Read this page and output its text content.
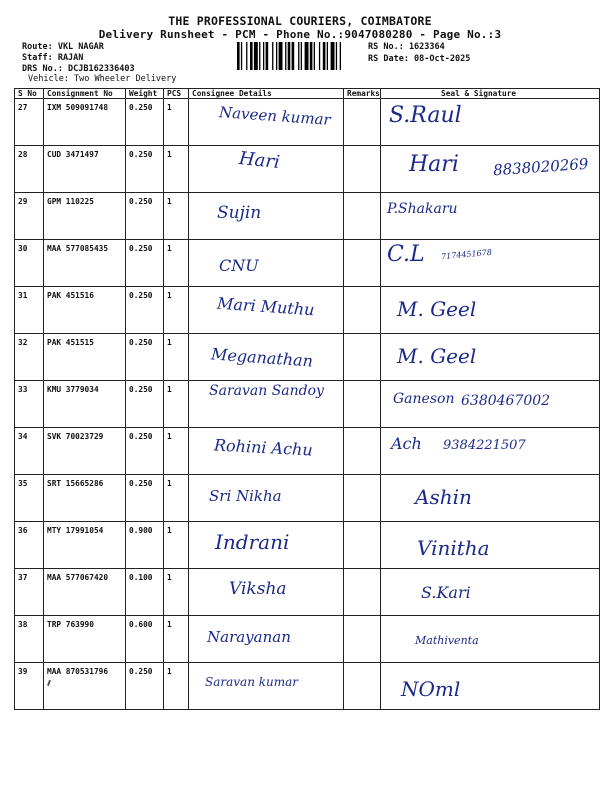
THE PROFESSIONAL COURIERS, COIMBATORE
Delivery Runsheet - PCM - Phone No.:9047080280 - Page No.:3
Route: VKL NAGAR
Staff: RAJAN
DRS No.: DCJB162336403
Vehicle: Two Wheeler Delivery
RS No.: 1623364
RS Date: 08-Oct-2025
S No	Consignment No	Weight	PCS	Consignee Details	Remarks	Seal & Signature
27	IXM 509091748	0.250	1	Naveen kumar		S.Raul

28	CUD 3471497	0.250	1	Hari		Hari 8838020269

29	GPM 110225	0.250	1	Sujin		P.Shakaru

30	MAA 577085435	0.250	1	CNU		C.L 7174451678

31	PAK 451516	0.250	1	Mari Muthu		M. Geel

32	PAK 451515	0.250	1	Meganathan		M. Geel

33	KMU 3779034	0.250	1	Saravan Sandoy		Ganeson 6380467002

34	SVK 70023729	0.250	1	Rohini Achu		Ach 9384221507

35	SRT 15665286	0.250	1	Sri Nikha		Ashin

36	MTY 17991054	0.900	1	Indrani		Vinitha

37	MAA 577067420	0.100	1	Viksha		S.Kari

38	TRP 763990	0.600	1	Narayanan		Mathiventa

39	MAA 870531796	0.250	1	Saravan kumar		NOml
